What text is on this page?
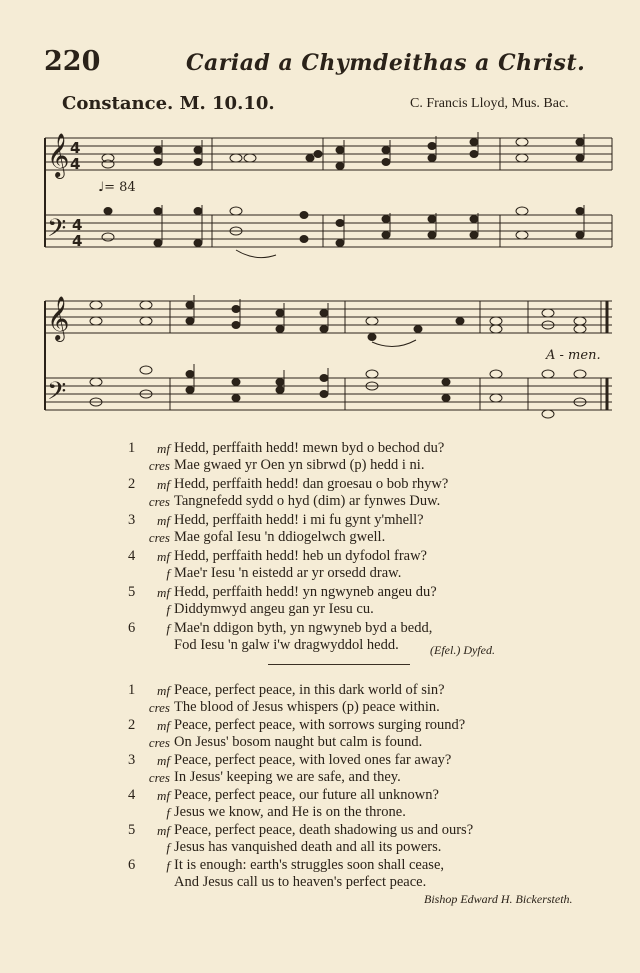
220	Cariad a Chymdeithas a Christ.
Constance. M. 10.10.	C. Francis Lloyd, Mus. Bac.
𝄞
𝄢
4
4
4
4
𝄞
𝄢
♩= 84
A - men.
1	mf Hedd, perffaith hedd! mewn byd o bechod du?
cres Mae gwaed yr Oen yn sibrwd (p) hedd i ni.
2	mf Hedd, perffaith hedd! dan groesau o bob rhyw?
cres Tangnefedd sydd o hyd (dim) ar fynwes Duw.
3	mf Hedd, perffaith hedd! i mi fu gynt y'mhell?
cres Mae gofal Iesu 'n ddiogelwch gwell.
4	mf Hedd, perffaith hedd! heb un dyfodol fraw?
f Mae'r Iesu 'n eistedd ar yr orsedd draw.
5	mf Hedd, perffaith hedd! yn ngwyneb angeu du?
f Diddymwyd angeu gan yr Iesu cu.
6	f Mae'n ddigon byth, yn ngwyneb byd a bedd,
Fod Iesu 'n galw i'w dragwyddol hedd.	(Efel.) Dyfed.
1	mf Peace, perfect peace, in this dark world of sin?
cres The blood of Jesus whispers (p) peace within.
2	mf Peace, perfect peace, with sorrows surging round?
cres On Jesus' bosom naught but calm is found.
3	mf Peace, perfect peace, with loved ones far away?
cres In Jesus' keeping we are safe, and they.
4	mf Peace, perfect peace, our future all unknown?
f Jesus we know, and He is on the throne.
5	mf Peace, perfect peace, death shadowing us and ours?
f Jesus has vanquished death and all its powers.
6	f It is enough: earth's struggles soon shall cease,
And Jesus call us to heaven's perfect peace.
Bishop Edward H. Bickersteth.
